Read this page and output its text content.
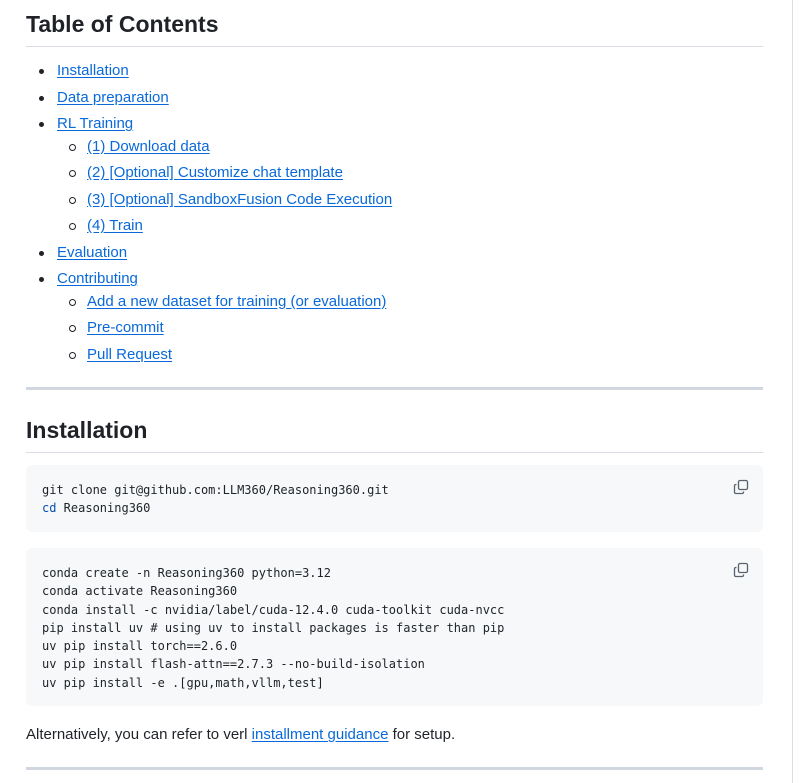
Table of Contents
Installation
Data preparation
RL Training
(1) Download data
(2) [Optional] Customize chat template
(3) [Optional] SandboxFusion Code Execution
(4) Train
Evaluation
Contributing
Add a new dataset for training (or evaluation)
Pre-commit
Pull Request
Installation
git clone git@github.com:LLM360/Reasoning360.git
cd Reasoning360
conda create -n Reasoning360 python=3.12
conda activate Reasoning360
conda install -c nvidia/label/cuda-12.4.0 cuda-toolkit cuda-nvcc
pip install uv # using uv to install packages is faster than pip
uv pip install torch==2.6.0
uv pip install flash-attn==2.7.3 --no-build-isolation
uv pip install -e .[gpu,math,vllm,test]
Alternatively, you can refer to verl installment guidance for setup.
